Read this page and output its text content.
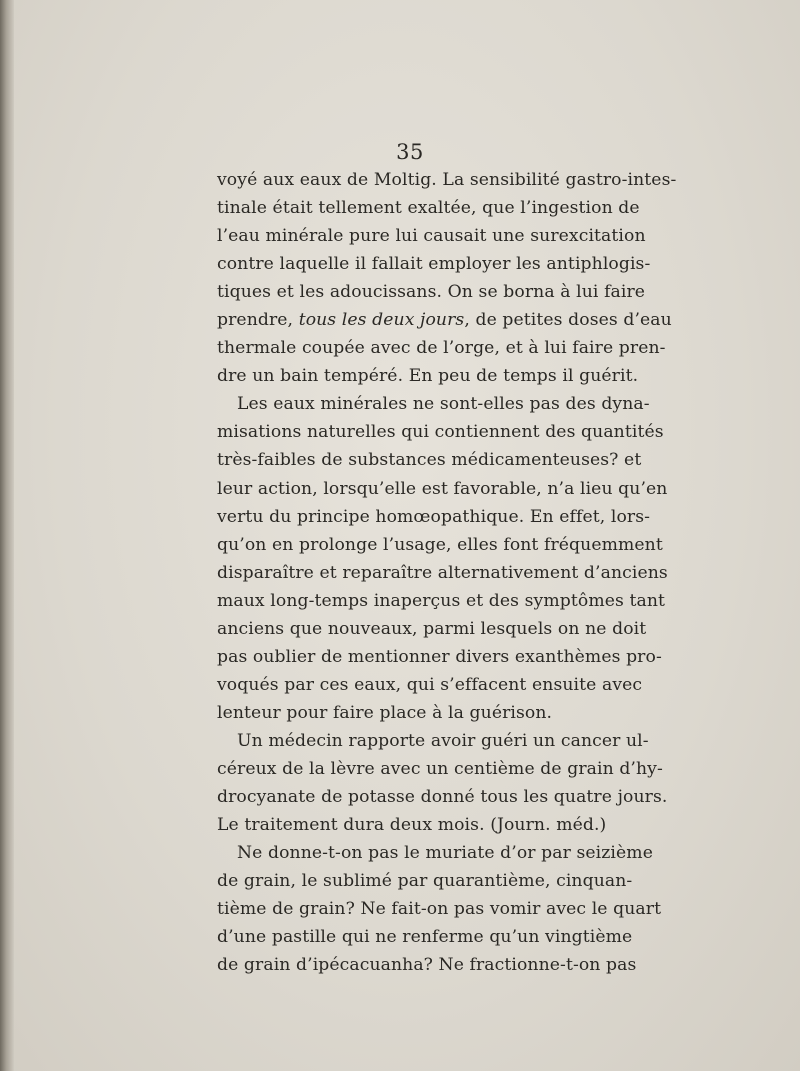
35
voyé aux eaux de Moltig. La sensibilité gastro-intes-
tinale était tellement exaltée, que l’ingestion de
l’eau minérale pure lui causait une surexcitation
contre laquelle il fallait employer les antiphlogis-
tiques et les adoucissans. On se borna à lui faire
prendre, tous les deux jours, de petites doses d’eau
thermale coupée avec de l’orge, et à lui faire pren-
dre un bain tempéré. En peu de temps il guérit.
Les eaux minérales ne sont-elles pas des dyna-
misations naturelles qui contiennent des quantités
très-faibles de substances médicamenteuses? et
leur action, lorsqu’elle est favorable, n’a lieu qu’en
vertu du principe homœopathique. En effet, lors-
qu’on en prolonge l’usage, elles font fréquemment
disparaître et reparaître alternativement d’anciens
maux long-temps inaperçus et des symptômes tant
anciens que nouveaux, parmi lesquels on ne doit
pas oublier de mentionner divers exanthèmes pro-
voqués par ces eaux, qui s’effacent ensuite avec
lenteur pour faire place à la guérison.
Un médecin rapporte avoir guéri un cancer ul-
céreux de la lèvre avec un centième de grain d’hy-
drocyanate de potasse donné tous les quatre jours.
Le traitement dura deux mois. (Journ. méd.)
Ne donne-t-on pas le muriate d’or par seizième
de grain, le sublimé par quarantième, cinquan-
tième de grain? Ne fait-on pas vomir avec le quart
d’une pastille qui ne renferme qu’un vingtième
de grain d’ipécacuanha? Ne fractionne-t-on pas
